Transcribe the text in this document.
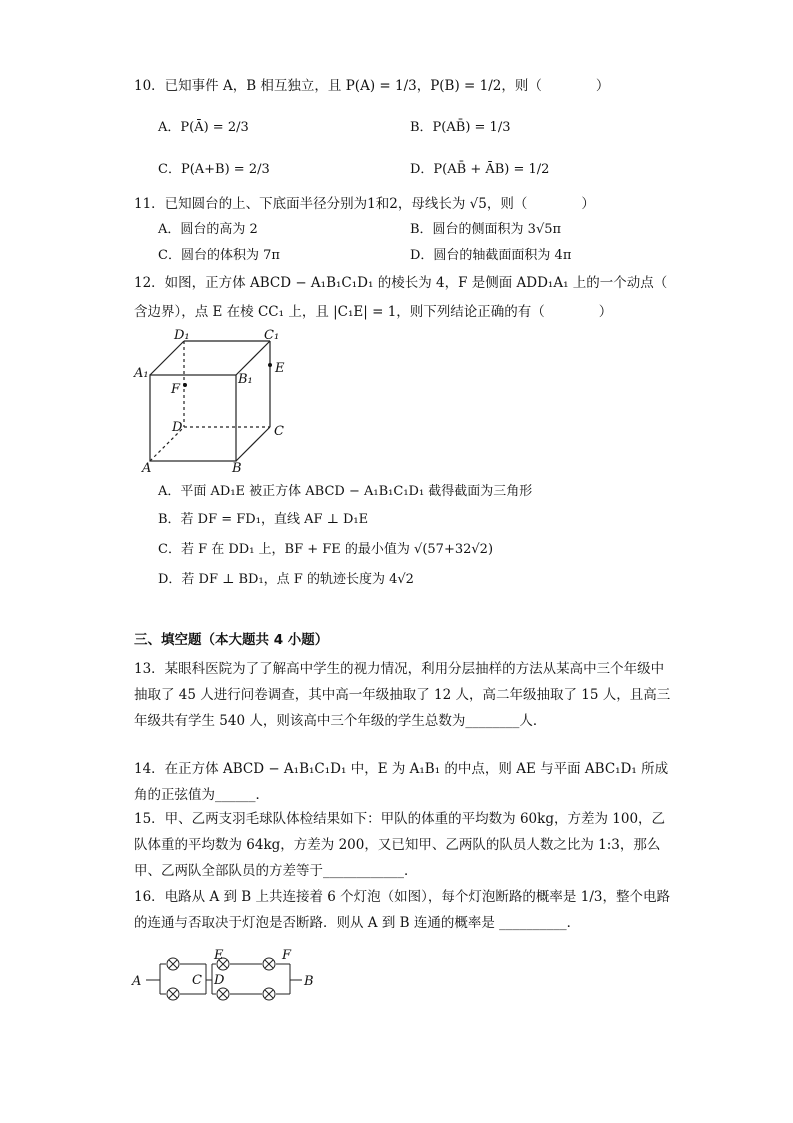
10．已知事件 A，B 相互独立，且 P(A) = 1/3，P(B) = 1/2，则（　　　　）
A．P(Ā) = 2/3	B．P(AB̄) = 1/3
C．P(A+B) = 2/3	D．P(AB̄ + ĀB) = 1/2
11．已知圆台的上、下底面半径分别为1和2，母线长为 √5，则（　　　　）
A．圆台的高为 2	B．圆台的侧面积为 3√5π
C．圆台的体积为 7π	D．圆台的轴截面面积为 4π
12．如图，正方体 ABCD − A₁B₁C₁D₁ 的棱长为 4，F 是侧面 ADD₁A₁ 上的一个动点（
含边界），点 E 在棱 CC₁ 上，且 |C₁E| = 1，则下列结论正确的有（　　　　）
D₁	C₁
A₁	B₁
E
F
D	C
A	B
A．平面 AD₁E 被正方体 ABCD − A₁B₁C₁D₁ 截得截面为三角形
B．若 DF = FD₁，直线 AF ⊥ D₁E
C．若 F 在 DD₁ 上，BF + FE 的最小值为 √(57+32√2)
D．若 DF ⊥ BD₁，点 F 的轨迹长度为 4√2
三、填空题（本大题共 4 小题）
13．某眼科医院为了了解高中学生的视力情况，利用分层抽样的方法从某高中三个年级中抽取了 45 人进行问卷调查，其中高一年级抽取了 12 人，高二年级抽取了 15 人，且高三年级共有学生 540 人，则该高中三个年级的学生总数为________人．
14．在正方体 ABCD − A₁B₁C₁D₁ 中，E 为 A₁B₁ 的中点，则 AE 与平面 ABC₁D₁ 所成角的正弦值为______．
15．甲、乙两支羽毛球队体检结果如下：甲队的体重的平均数为 60kg，方差为 100，乙队体重的平均数为 64kg，方差为 200，又已知甲、乙两队的队员人数之比为 1:3，那么甲、乙两队全部队员的方差等于____________．
16．电路从 A 到 B 上共连接着 6 个灯泡（如图），每个灯泡断路的概率是 1/3，整个电路的连通与否取决于灯泡是否断路．则从 A 到 B 连通的概率是 __________．
A	B
C D
E	F
